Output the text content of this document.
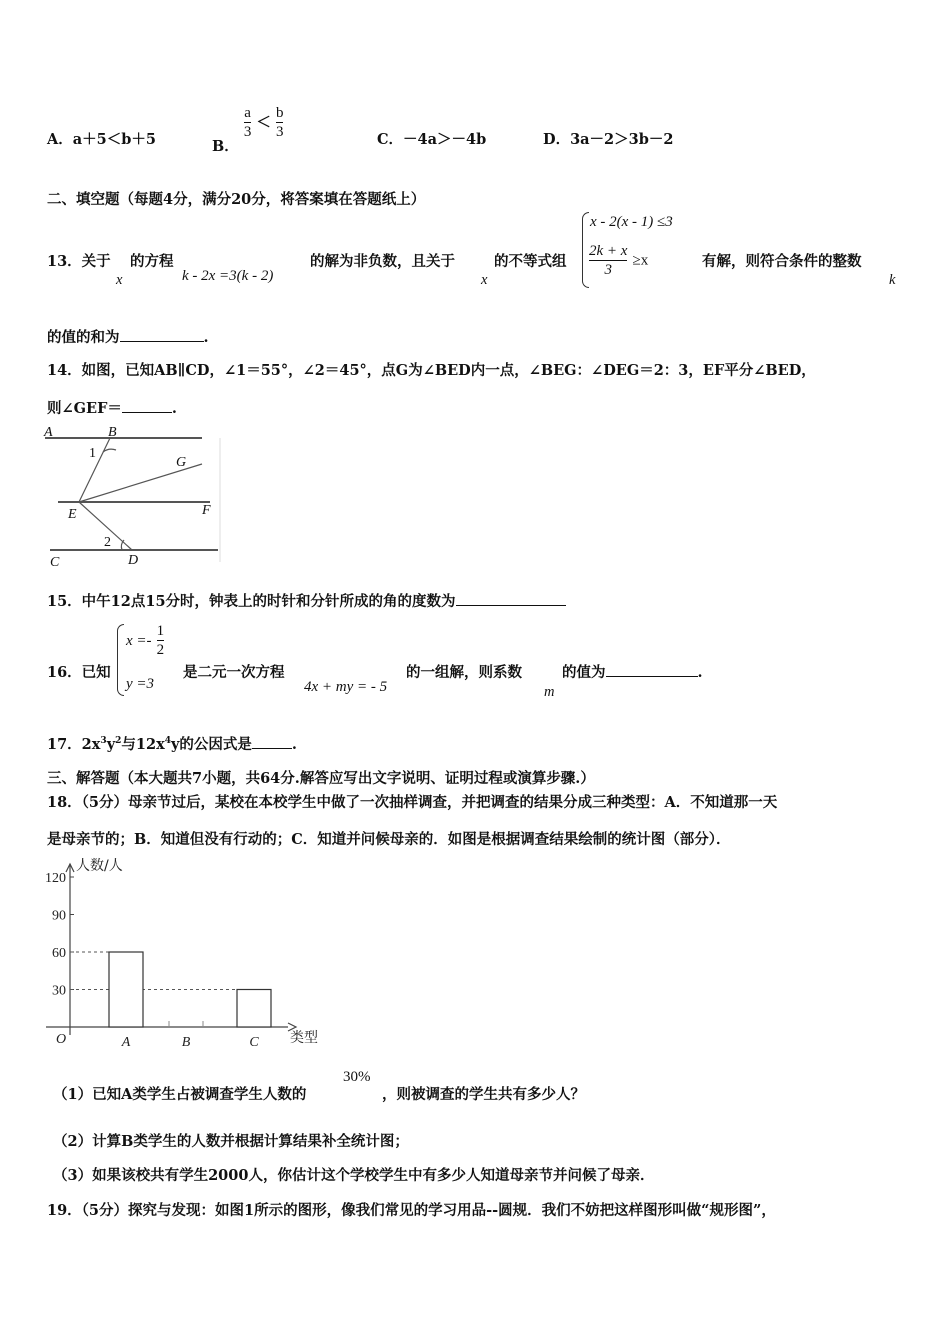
A．a＋5＜b＋5	B．
$\frac{a}{3} < \frac{b}{3}$	C．－4a＞－4b	D．3a－2＞3b－2
二、填空题（每题4分，满分20分，将答案填在答题纸上）
13．关于
x
的方程
k - 2x =3(k - 2)
的解为非负数，且关于
x
的不等式组
x - 2(x - 1) ≤3
$\frac{2k + x}{3} \ge x$	有解，则符合条件的整数
k
的值的和为	.
14．如图，已知AB∥CD，∠1＝55°，∠2＝45°，点G为∠BED内一点，∠BEG：∠DEG＝2：3，EF平分∠BED，
则∠GEF＝	.
A	B
G
E	F
C	D
1
2
15．中午12点15分时，钟表上的时针和分针所成的角的度数为
16．已知
$x =- \frac{1}{2}$
y =3
是二元一次方程
4x + my = - 5
的一组解，则系数
m
的值为	.
17．$2x^3y^2$与$12x^4y$的公因式是	.
三、解答题（本大题共7小题，共64分.解答应写出文字说明、证明过程或演算步骤.）
18．（5分）母亲节过后，某校在本校学生中做了一次抽样调查，并把调查的结果分成三种类型：A．不知道那一天
是母亲节的；B．知道但没有行动的；C．知道并问候母亲的．如图是根据调查结果绘制的统计图（部分）．
120
90
60
30
A	B	C
O
人数/人
类型
（1）已知A类学生占被调查学生人数的
30%
，则被调查的学生共有多少人？
（2）计算B类学生的人数并根据计算结果补全统计图；
（3）如果该校共有学生2000人，你估计这个学校学生中有多少人知道母亲节并问候了母亲．
19．（5分）探究与发现：如图1所示的图形，像我们常见的学习用品--圆规．我们不妨把这样图形叫做“规形图”，
